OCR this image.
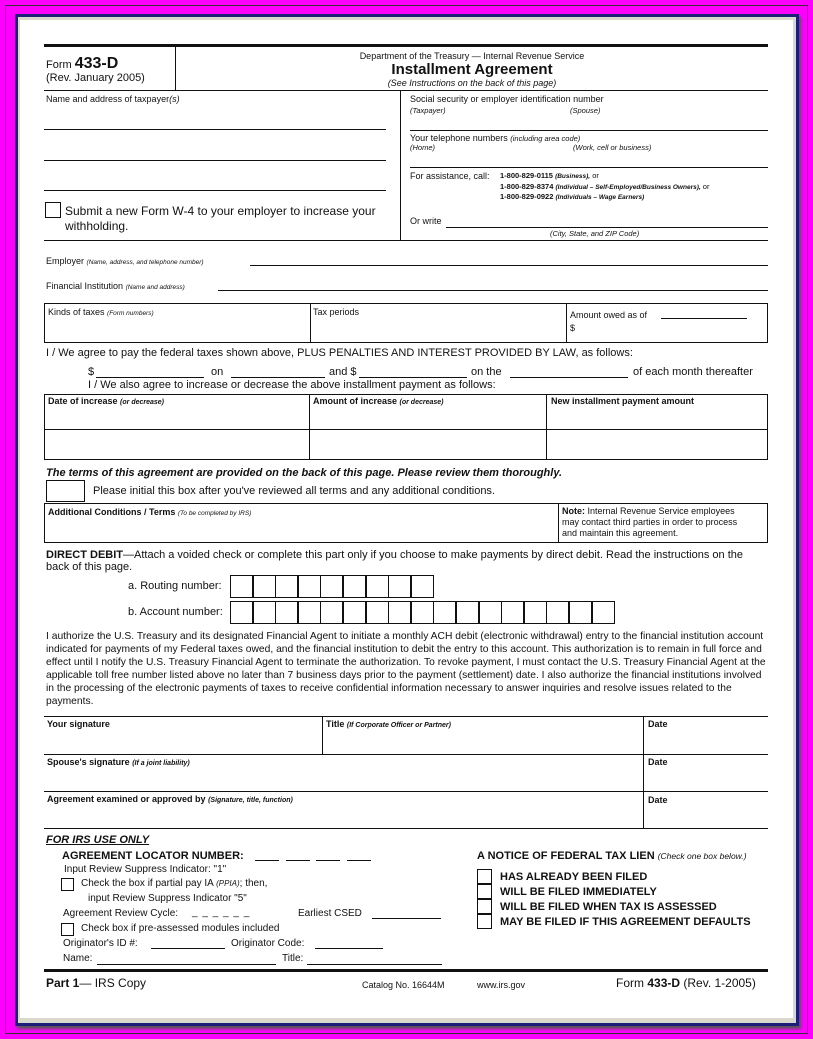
Form 433-D
(Rev. January 2005)
Department of the Treasury — Internal Revenue Service
Installment Agreement
(See Instructions on the back of this page)
Name and address of taxpayer(s)
Submit a new Form W-4 to your employer to increase your
withholding.
Social security or employer identification number
(Taxpayer)	(Spouse)
Your telephone numbers (including area code)
(Home)	(Work, cell or business)
For assistance, call: 1-800-829-0115 (Business), or
1-800-829-8374 (Individual – Self-Employed/Business Owners), or
1-800-829-0922 (Individuals – Wage Earners)
Or write
(City, State, and ZIP Code)
Employer (Name, address, and telephone number)
Financial Institution (Name and address)
Kinds of taxes (Form numbers)	Tax periods	Amount owed as of
$
I / We agree to pay the federal taxes shown above, PLUS PENALTIES AND INTEREST PROVIDED BY LAW, as follows:
$	on	and $	on the	of each month thereafter
I / We also agree to increase or decrease the above installment payment as follows:
Date of increase (or decrease)	Amount of increase (or decrease)	New installment payment amount
The terms of this agreement are provided on the back of this page. Please review them thoroughly.
Please initial this box after you've reviewed all terms and any additional conditions.
Additional Conditions / Terms (To be completed by IRS)	Note: Internal Revenue Service employees
may contact third parties in order to process
and maintain this agreement.
DIRECT DEBIT—Attach a voided check or complete this part only if you choose to make payments by direct debit. Read the instructions on the
back of this page.
a. Routing number:
b. Account number:
I authorize the U.S. Treasury and its designated Financial Agent to initiate a monthly ACH debit (electronic withdrawal) entry to the financial institution account indicated for payments of my Federal taxes owed, and the financial institution to debit the entry to this account. This authorization is to remain in full force and effect until I notify the U.S. Treasury Financial Agent to terminate the authorization. To revoke payment, I must contact the U.S. Treasury Financial Agent at the applicable toll free number listed above no later than 7 business days prior to the payment (settlement) date. I also authorize the financial institutions involved in the processing of the electronic payments of taxes to receive confidential information necessary to answer inquiries and resolve issues related to the payments.
Your signature	Title (If Corporate Officer or Partner)	Date
Spouse's signature (If a joint liability)	Date
Agreement examined or approved by (Signature, title, function)	Date
FOR IRS USE ONLY
AGREEMENT LOCATOR NUMBER:
Input Review Suppress Indicator: "1"
Check the box if partial pay IA (PPIA); then,
input Review Suppress Indicator "5"
Agreement Review Cycle: _ _ _ _ _ _	Earliest CSED
Check box if pre-assessed modules included
Originator's ID #:	Originator Code:
Name:	Title:
A NOTICE OF FEDERAL TAX LIEN (Check one box below.)
HAS ALREADY BEEN FILED
WILL BE FILED IMMEDIATELY
WILL BE FILED WHEN TAX IS ASSESSED
MAY BE FILED IF THIS AGREEMENT DEFAULTS
Part 1— IRS Copy	Catalog No. 16644M	www.irs.gov	Form 433-D (Rev. 1-2005)
